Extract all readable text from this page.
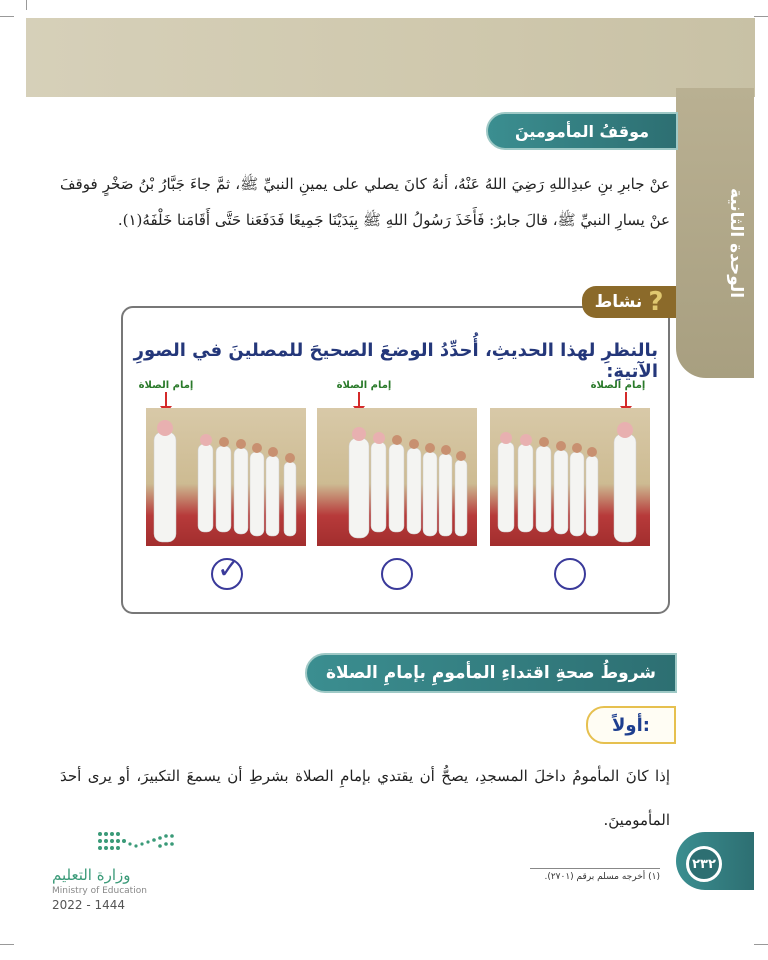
الوحدة الثانية
موقفُ المأمومينَ
عنْ جابرِ بنِ عبدِاللهِ رَضِيَ اللهُ عَنْهُ، أنهُ كانَ يصلي على يمينِ النبيِّ ﷺ، ثمَّ جاءَ جَبَّارُ بْنُ صَخْرٍ فوقفَ عنْ يسارِ النبيِّ ﷺ، قالَ جابرٌ: فَأَخَذَ رَسُولُ اللهِ ﷺ بِيَدَيْنَا جَمِيعًا فَدَفَعَنا حَتَّى أَقَامَنا خَلْفَهُ(١).
نشاط ?
بالنظرِ لهذا الحديثِ، أُحدِّدُ الوضعَ الصحيحَ للمصلينَ في الصورِ الآتيةِ:
إمام الصلاة
إمام الصلاة
إمام الصلاة
✓
شروطُ صحةِ اقتداءِ المأمومِ بإمامِ الصلاة
أولاً:
إذا كانَ المأمومُ داخلَ المسجدِ، يصحُّ أن يقتدي بإمامِ الصلاة بشرطِ أن يسمعَ التكبيرَ، أو يرى أحدَ المأمومينَ.
(١) أخرجه مسلم برقم (٢٧٠١).
٢٣٢
وزارة التعليم
Ministry of Education
2022 - 1444
